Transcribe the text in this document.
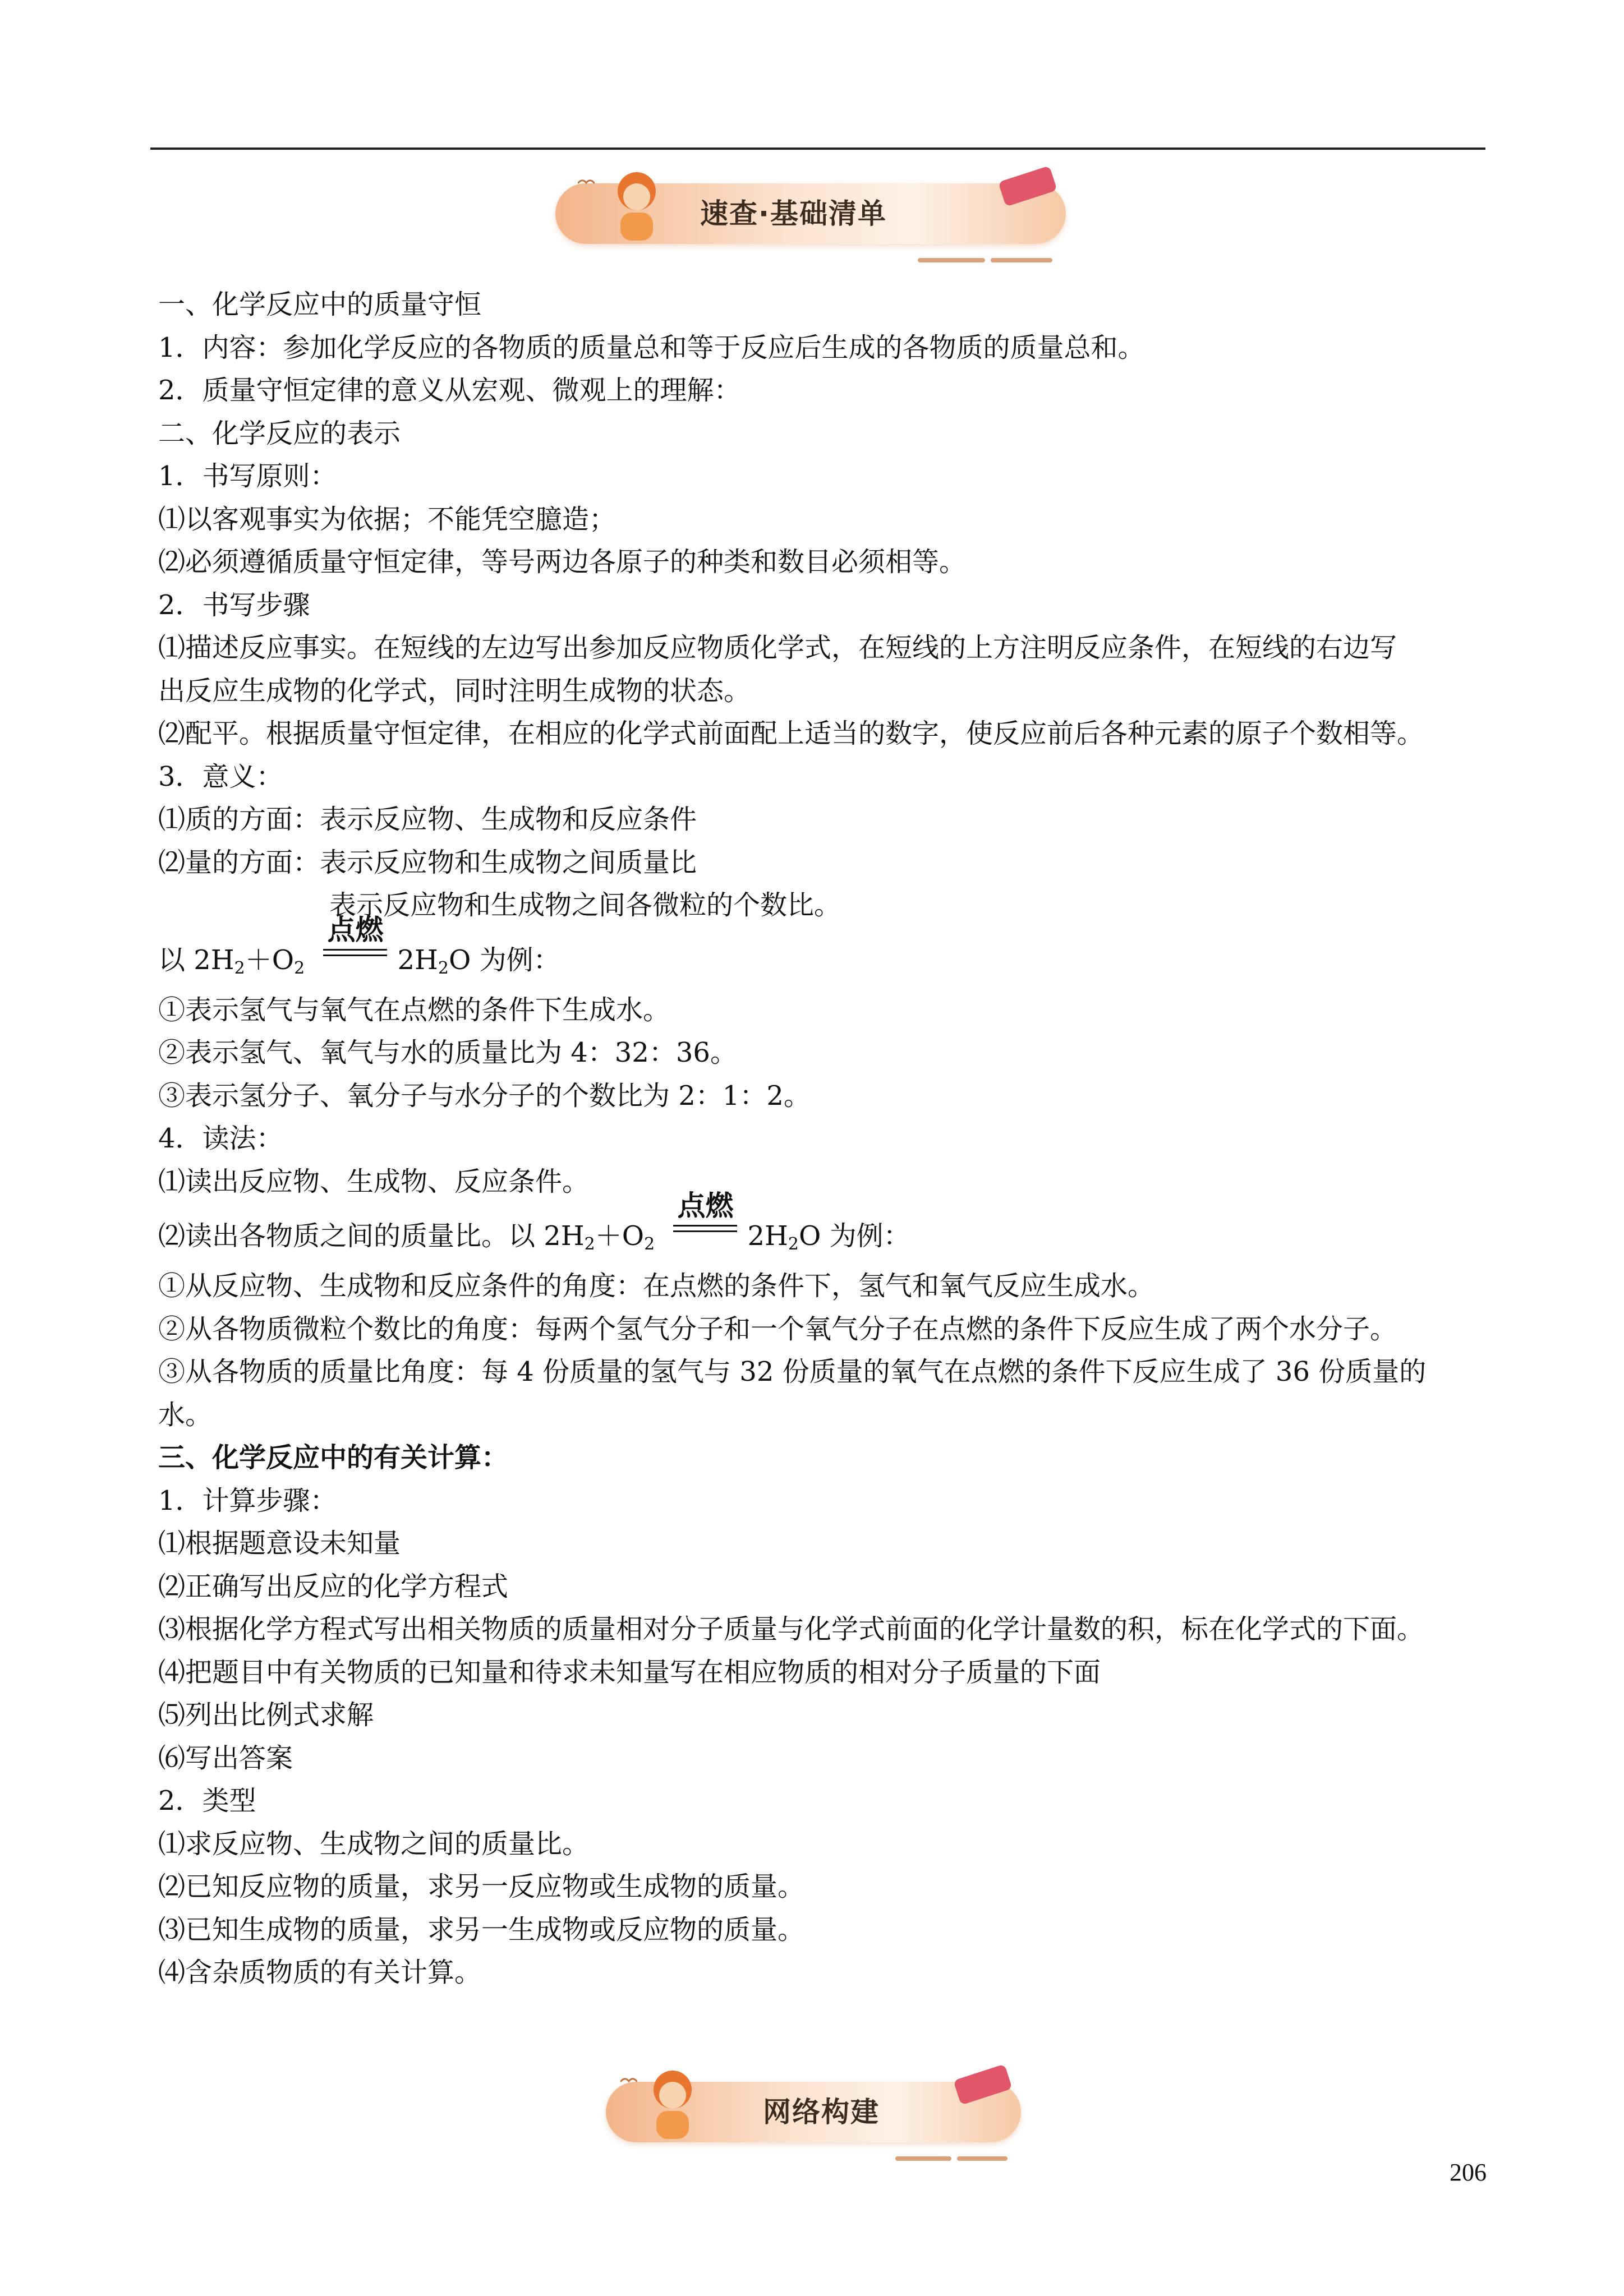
速查·基础清单
一、化学反应中的质量守恒
1．内容：参加化学反应的各物质的质量总和等于反应后生成的各物质的质量总和。
2．质量守恒定律的意义从宏观、微观上的理解：
二、化学反应的表示
1．书写原则：
⑴以客观事实为依据；不能凭空臆造；
⑵必须遵循质量守恒定律，等号两边各原子的种类和数目必须相等。
2．书写步骤
⑴描述反应事实。在短线的左边写出参加反应物质化学式，在短线的上方注明反应条件，在短线的右边写
出反应生成物的化学式，同时注明生成物的状态。
⑵配平。根据质量守恒定律，在相应的化学式前面配上适当的数字，使反应前后各种元素的原子个数相等。
3．意义：
⑴质的方面：表示反应物、生成物和反应条件
⑵量的方面：表示反应物和生成物之间质量比
表示反应物和生成物之间各微粒的个数比。
以 $2H_2+O_2$
点燃
$2H_2O$ 为例：
①表示氢气与氧气在点燃的条件下生成水。
②表示氢气、氧气与水的质量比为 4：32：36。
③表示氢分子、氧分子与水分子的个数比为 2：1：2。
4．读法：
⑴读出反应物、生成物、反应条件。
⑵读出各物质之间的质量比。以 $2H_2+O_2$
点燃
$2H_2O$ 为例：
①从反应物、生成物和反应条件的角度：在点燃的条件下，氢气和氧气反应生成水。
②从各物质微粒个数比的角度：每两个氢气分子和一个氧气分子在点燃的条件下反应生成了两个水分子。
③从各物质的质量比角度：每 4 份质量的氢气与 32 份质量的氧气在点燃的条件下反应生成了 36 份质量的
水。
三、化学反应中的有关计算：
1．计算步骤：
⑴根据题意设未知量
⑵正确写出反应的化学方程式
⑶根据化学方程式写出相关物质的质量相对分子质量与化学式前面的化学计量数的积，标在化学式的下面。
⑷把题目中有关物质的已知量和待求未知量写在相应物质的相对分子质量的下面
⑸列出比例式求解
⑹写出答案
2．类型
⑴求反应物、生成物之间的质量比。
⑵已知反应物的质量，求另一反应物或生成物的质量。
⑶已知生成物的质量，求另一生成物或反应物的质量。
⑷含杂质物质的有关计算。
网络构建
206
